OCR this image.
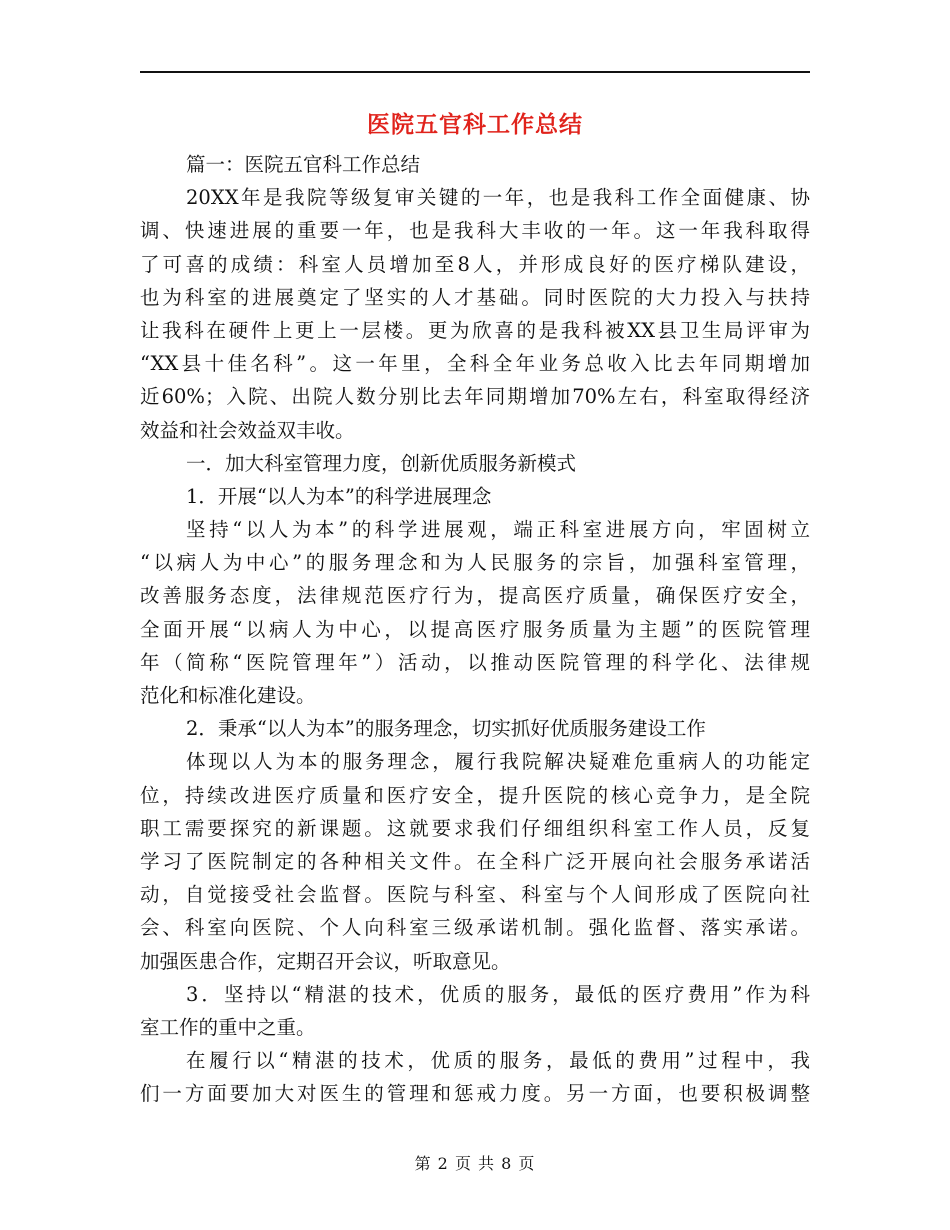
医院五官科工作总结
篇一：医院五官科工作总结
20XX年是我院等级复审关键的一年，也是我科工作全面健康、协
调、快速进展的重要一年，也是我科大丰收的一年。这一年我科取得
了可喜的成绩：科室人员增加至8人，并形成良好的医疗梯队建设，
也为科室的进展奠定了坚实的人才基础。同时医院的大力投入与扶持
让我科在硬件上更上一层楼。更为欣喜的是我科被XX县卫生局评审为
“XX县十佳名科”。这一年里，全科全年业务总收入比去年同期增加
近60%；入院、出院人数分别比去年同期增加70%左右，科室取得经济
效益和社会效益双丰收。
一．加大科室管理力度，创新优质服务新模式
1．开展“以人为本”的科学进展理念
坚持“以人为本”的科学进展观，端正科室进展方向，牢固树立
“以病人为中心”的服务理念和为人民服务的宗旨，加强科室管理，
改善服务态度，法律规范医疗行为，提高医疗质量，确保医疗安全，
全面开展“以病人为中心，以提高医疗服务质量为主题”的医院管理
年（简称“医院管理年”）活动，以推动医院管理的科学化、法律规
范化和标准化建设。
2．秉承“以人为本”的服务理念，切实抓好优质服务建设工作
体现以人为本的服务理念，履行我院解决疑难危重病人的功能定
位，持续改进医疗质量和医疗安全，提升医院的核心竞争力，是全院
职工需要探究的新课题。这就要求我们仔细组织科室工作人员，反复
学习了医院制定的各种相关文件。在全科广泛开展向社会服务承诺活
动，自觉接受社会监督。医院与科室、科室与个人间形成了医院向社
会、科室向医院、个人向科室三级承诺机制。强化监督、落实承诺。
加强医患合作，定期召开会议，听取意见。
3．坚持以“精湛的技术，优质的服务，最低的医疗费用”作为科
室工作的重中之重。
在履行以“精湛的技术，优质的服务，最低的费用”过程中，我
们一方面要加大对医生的管理和惩戒力度。另一方面，也要积极调整
第 2 页 共 8 页
